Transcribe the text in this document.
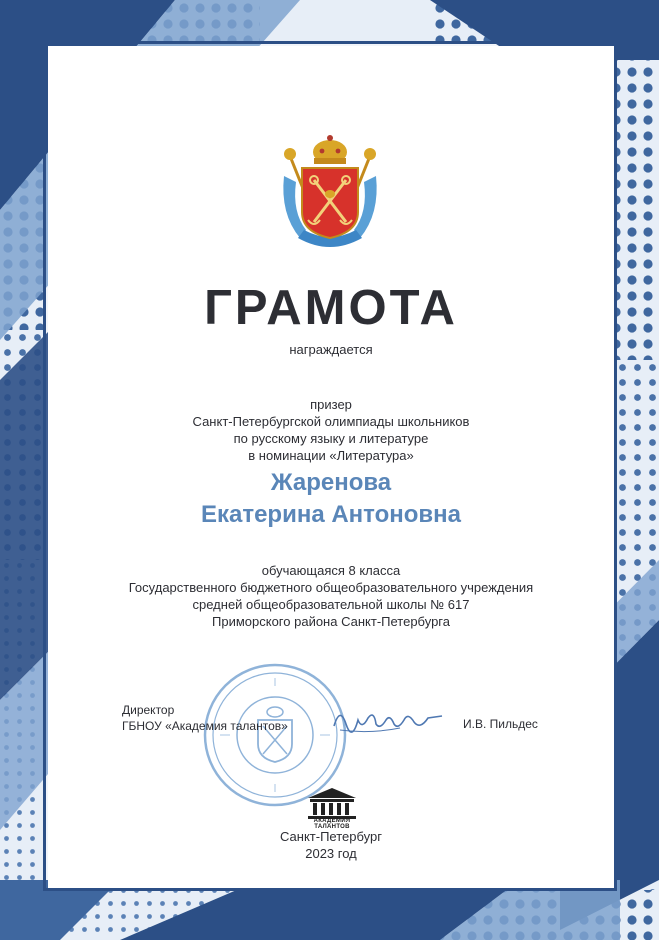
ГРАМОТА
награждается
призер
Санкт-Петербургской олимпиады школьников
по русскому языку и литературе
в номинации «Литература»
Жаренова
Екатерина Антоновна
обучающаяся 8 класса
Государственного бюджетного общеобразовательного учреждения
средней общеобразовательной школы № 617
Приморского района Санкт-Петербурга
Директор
ГБНОУ «Академия талантов»	И.В. Пильдес
АКАДЕМИЯ ТАЛАНТОВ
Санкт-Петербург
2023 год
